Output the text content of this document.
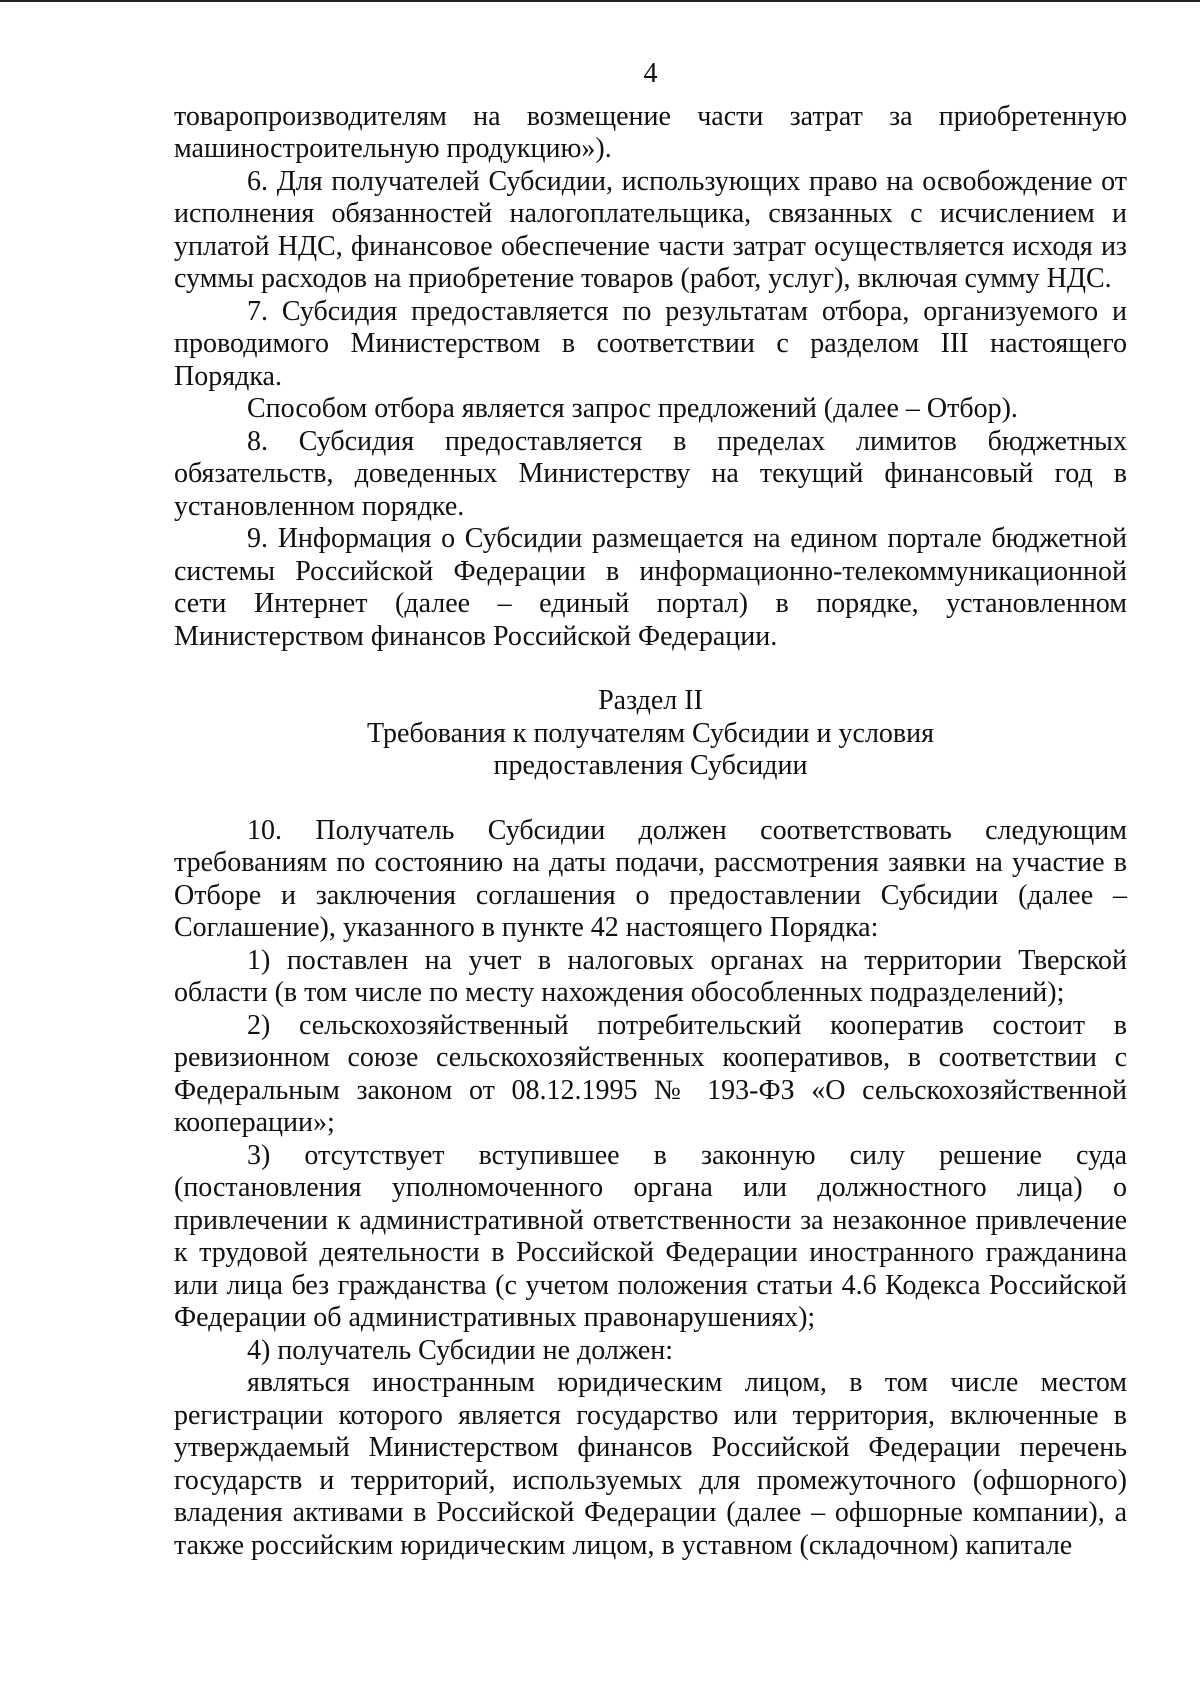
4

товаропроизводителям на возмещение части затрат за приобретенную машиностроительную продукцию»).

6. Для получателей Субсидии, использующих право на освобождение от исполнения обязанностей налогоплательщика, связанных с исчислением и уплатой НДС, финансовое обеспечение части затрат осуществляется исходя из суммы расходов на приобретение товаров (работ, услуг), включая сумму НДС.

7. Субсидия предоставляется по результатам отбора, организуемого и проводимого Министерством в соответствии с разделом III настоящего Порядка.

Способом отбора является запрос предложений (далее – Отбор).

8. Субсидия предоставляется в пределах лимитов бюджетных обязательств, доведенных Министерству на текущий финансовый год в установленном порядке.

9. Информация о Субсидии размещается на едином портале бюджетной системы Российской Федерации в информационно-телекоммуникационной сети Интернет (далее – единый портал) в порядке, установленном Министерством финансов Российской Федерации.

Раздел II
Требования к получателям Субсидии и условия
предоставления Субсидии

10. Получатель Субсидии должен соответствовать следующим требованиям по состоянию на даты подачи, рассмотрения заявки на участие в Отборе и заключения соглашения о предоставлении Субсидии (далее – Соглашение), указанного в пункте 42 настоящего Порядка:

1) поставлен на учет в налоговых органах на территории Тверской области (в том числе по месту нахождения обособленных подразделений);

2) сельскохозяйственный потребительский кооператив состоит в ревизионном союзе сельскохозяйственных кооперативов, в соответствии с Федеральным законом от 08.12.1995 № 193-ФЗ «О сельскохозяйственной кооперации»;

3) отсутствует вступившее в законную силу решение суда (постановления уполномоченного органа или должностного лица) о привлечении к административной ответственности за незаконное привлечение к трудовой деятельности в Российской Федерации иностранного гражданина или лица без гражданства (с учетом положения статьи 4.6 Кодекса Российской Федерации об административных правонарушениях);

4) получатель Субсидии не должен:

являться иностранным юридическим лицом, в том числе местом регистрации которого является государство или территория, включенные в утверждаемый Министерством финансов Российской Федерации перечень государств и территорий, используемых для промежуточного (офшорного) владения активами в Российской Федерации (далее – офшорные компании), а также российским юридическим лицом, в уставном (складочном) капитале
